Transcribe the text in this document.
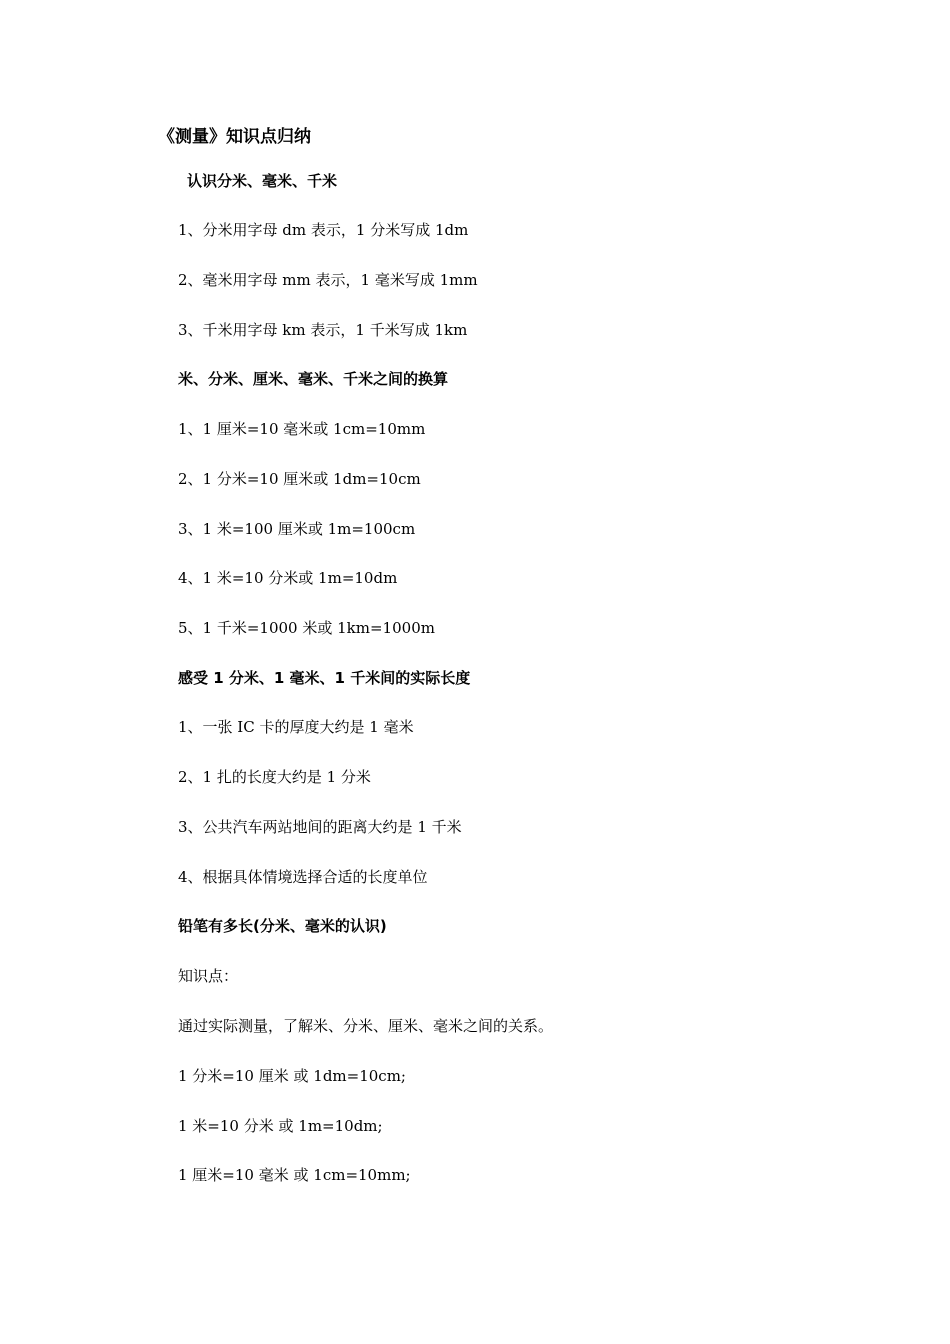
《测量》知识点归纳
认识分米、毫米、千米
1、分米用字母 dm 表示，1 分米写成 1dm
2、毫米用字母 mm 表示，1 毫米写成 1mm
3、千米用字母 km 表示，1 千米写成 1km
米、分米、厘米、毫米、千米之间的换算
1、1 厘米=10 毫米或 1cm=10mm
2、1 分米=10 厘米或 1dm=10cm
3、1 米=100 厘米或 1m=100cm
4、1 米=10 分米或 1m=10dm
5、1 千米=1000 米或 1km=1000m
感受 1 分米、1 毫米、1 千米间的实际长度
1、一张 IC 卡的厚度大约是 1 毫米
2、1 扎的长度大约是 1 分米
3、公共汽车两站地间的距离大约是 1 千米
4、根据具体情境选择合适的长度单位
铅笔有多长(分米、毫米的认识)
知识点：
通过实际测量，了解米、分米、厘米、毫米之间的关系。
1 分米=10 厘米 或 1dm=10cm;
1 米=10 分米 或 1m=10dm;
1 厘米=10 毫米 或 1cm=10mm;
